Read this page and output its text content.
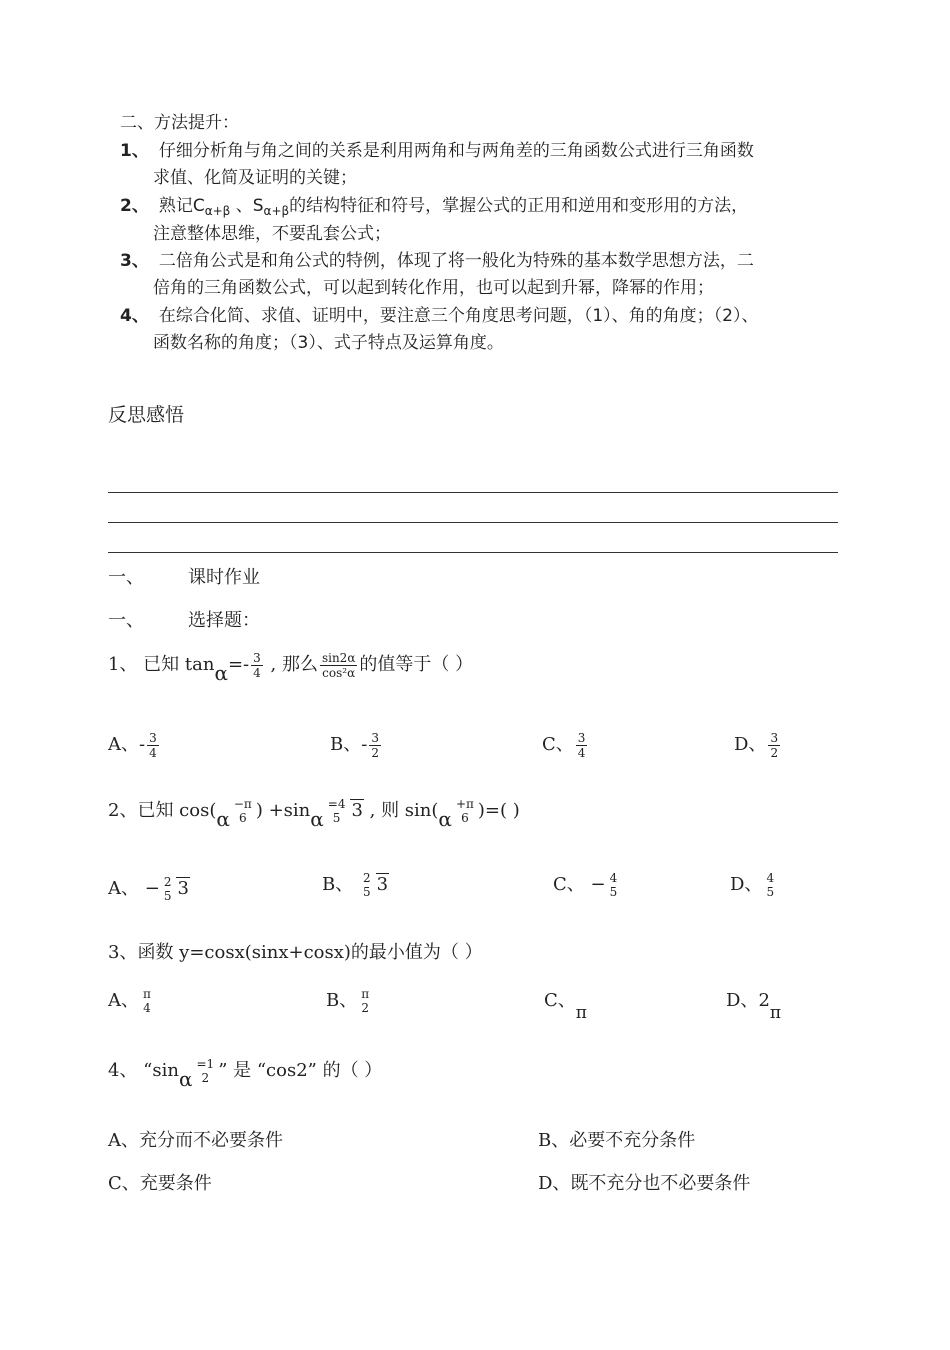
二、方法提升：
1、 仔细分析角与角之间的关系是利用两角和与两角差的三角函数公式进行三角函数
求值、化简及证明的关键；
2、 熟记$C_{\alpha+\beta}$ 、$S_{\alpha+\beta}$的结构特征和符号，掌握公式的正用和逆用和变形用的方法，
注意整体思维，不要乱套公式；
3、 二倍角公式是和角公式的特例，体现了将一般化为特殊的基本数学思想方法，二
倍角的三角函数公式，可以起到转化作用，也可以起到升幂，降幂的作用；
4、 在综合化简、求值、证明中，要注意三个角度思考问题，（1）、角的角度；（2）、
函数名称的角度；（3）、式子特点及运算角度。
反思感悟
一、 课时作业
一、 选择题：
1、 已知 $\tan\alpha=- \frac{3}{4}$ , 那么 $\frac{\sin 2\alpha}{\text{cos²α}}$ 的值等于（ ）
A、- $\frac{3}{4}$	B、- $\frac{3}{2}$	C、 $\frac{3}{4}$	D、 $\frac{3}{2}$
2、已知 cos(α
−π
6 ) +sinα
=4
5 3 , 则 sin(α
+π
6 )=( )
A、 − 2
5 3	B、 2
5 3	C、 − 4
5	D、 4
5
3、函数 y=cosx(sinx+cosx)的最小值为（ ）
A、 π
4	B、 π
2	C、π
D、2π
4、 “sinα
=1
2 ” 是 “cos2” 的（ ）
A、充分而不必要条件	B、必要不充分条件
C、充要条件	D、既不充分也不必要条件
